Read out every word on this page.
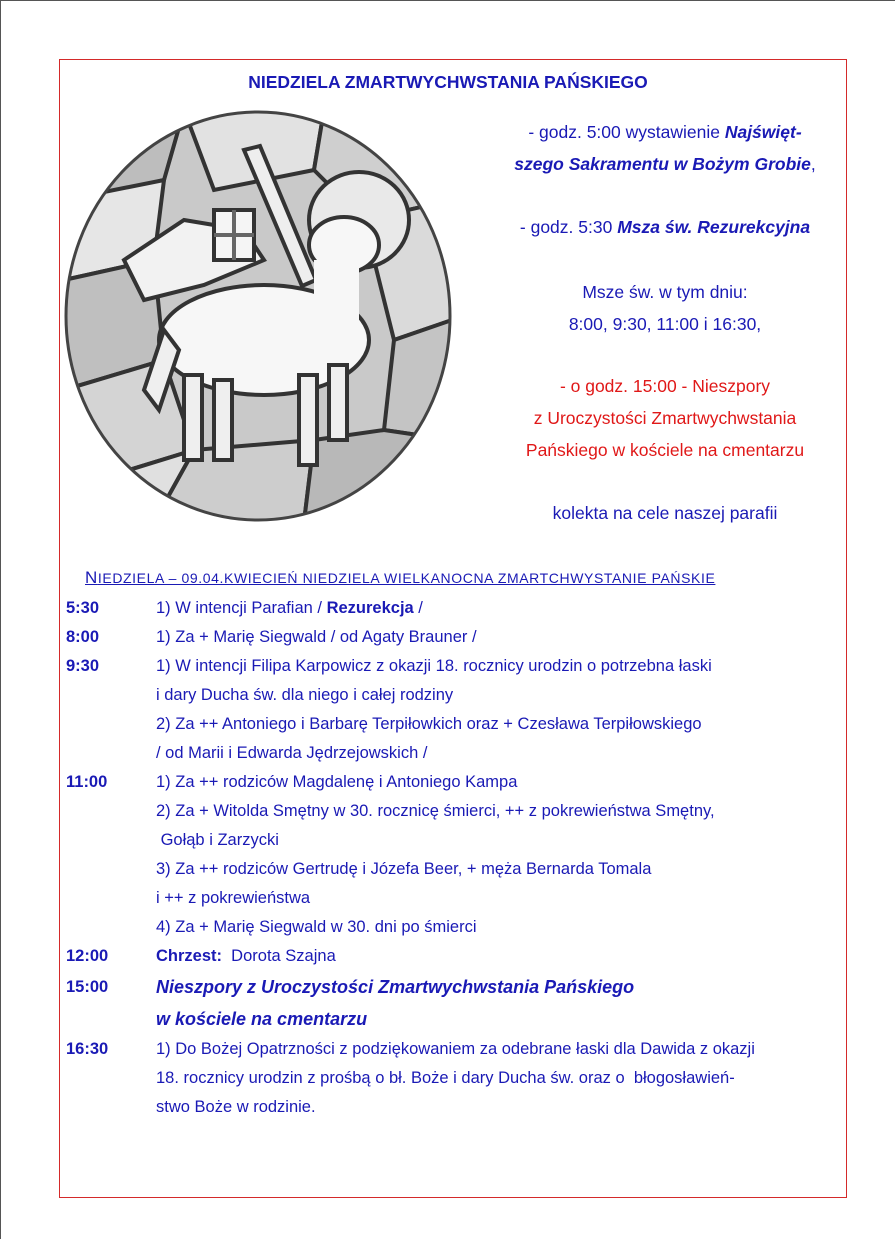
NIEDZIELA ZMARTWYCHWSTANIA PAŃSKIEGO
- godz. 5:00 wystawienie Najświęt-
szego Sakramentu w Bożym Grobie,
- godz. 5:30 Msza św. Rezurekcyjna
Msze św. w tym dniu:
8:00, 9:30, 11:00 i 16:30,
- o godz. 15:00 - Nieszpory
z Uroczystości Zmartwychwstania
Pańskiego w kościele na cmentarzu
kolekta na cele naszej parafii
NIEDZIELA – 09.04.KWIECIEŃ NIEDZIELA WIELKANOCNA ZMARTCHWYSTANIE PAŃSKIE
5:30	1) W intencji Parafian / Rezurekcja /
8:00	1) Za + Marię Siegwald / od Agaty Brauner /
9:30	1) W intencji Filipa Karpowicz z okazji 18. rocznicy urodzin o potrzebna łaski
i dary Ducha św. dla niego i całej rodziny
2) Za ++ Antoniego i Barbarę Terpiłowkich oraz + Czesława Terpiłowskiego
/ od Marii i Edwarda Jędrzejowskich /
11:00	1) Za ++ rodziców Magdalenę i Antoniego Kampa
2) Za + Witolda Smętny w 30. rocznicę śmierci, ++ z pokrewieństwa Smętny,
Gołąb i Zarzycki
3) Za ++ rodziców Gertrudę i Józefa Beer, + męża Bernarda Tomala
i ++ z pokrewieństwa
4) Za + Marię Siegwald w 30. dni po śmierci
12:00	Chrzest:  Dorota Szajna
15:00	Nieszpory z Uroczystości Zmartwychwstania Pańskiego
w kościele na cmentarzu
16:30	1) Do Bożej Opatrzności z podziękowaniem za odebrane łaski dla Dawida z okazji
18. rocznicy urodzin z prośbą o bł. Boże i dary Ducha św. oraz o  błogosławień-
stwo Boże w rodzinie.
